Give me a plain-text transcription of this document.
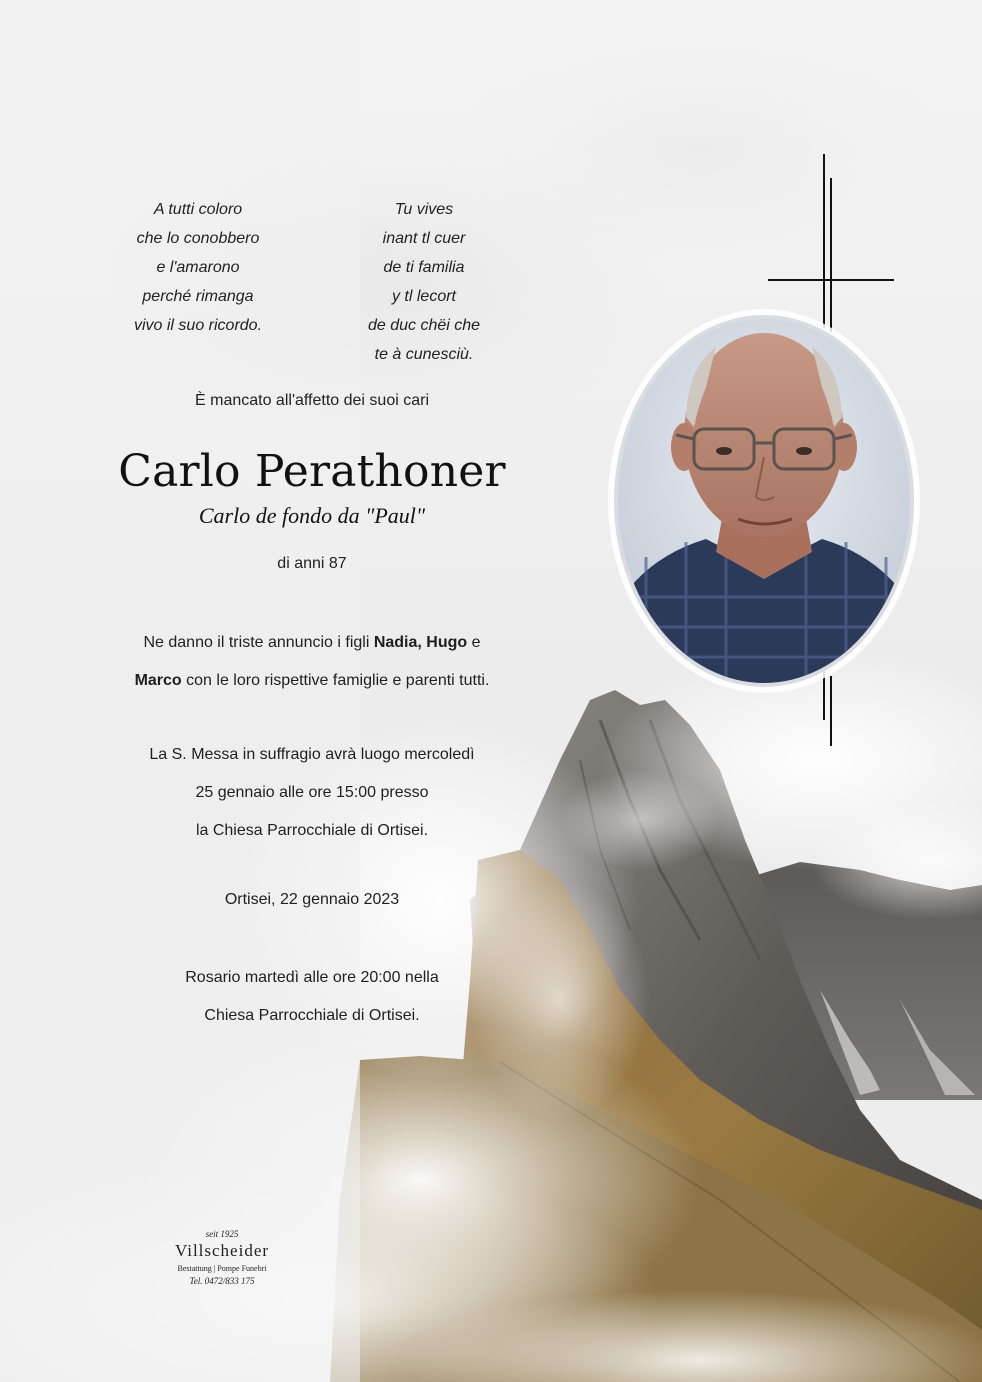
A tutti coloro
che lo conobbero
e l'amarono
perché rimanga
vivo il suo ricordo.
Tu vives
inant tl cuer
de ti familia
y tl lecort
de duc chëi che
te à cunesciù.
È mancato all'affetto dei suoi cari
Carlo Perathoner
Carlo de fondo da "Paul"
di anni 87
Ne danno il triste annuncio i figli Nadia, Hugo e
Marco con le loro rispettive famiglie e parenti tutti.
La S. Messa in suffragio avrà luogo mercoledì
25 gennaio alle ore 15:00 presso
la Chiesa Parrocchiale di Ortisei.
Ortisei, 22 gennaio 2023
Rosario martedì alle ore 20:00 nella
Chiesa Parrocchiale di Ortisei.
seit 1925
Villscheider
Bestattung | Pompe Funebri
Tel. 0472/833 175
